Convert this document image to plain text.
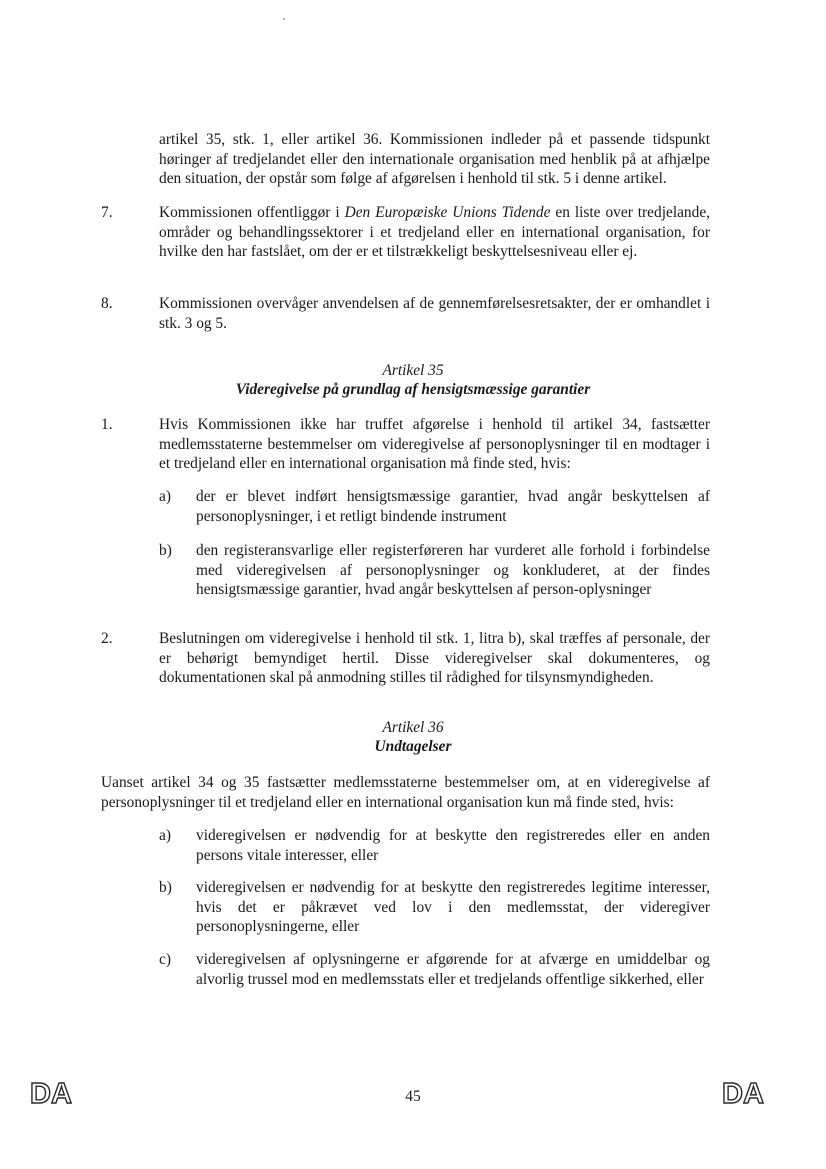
artikel 35, stk. 1, eller artikel 36. Kommissionen indleder på et passende tidspunkt høringer af tredjelandet eller den internationale organisation med henblik på at afhjælpe den situation, der opstår som følge af afgørelsen i henhold til stk. 5 i denne artikel.
7.	Kommissionen offentliggør i Den Europæiske Unions Tidende en liste over tredjelande, områder og behandlingssektorer i et tredjeland eller en international organisation, for hvilke den har fastslået, om der er et tilstrækkeligt beskyttelsesniveau eller ej.
8.	Kommissionen overvåger anvendelsen af de gennemførelsesretsakter, der er omhandlet i stk. 3 og 5.
Artikel 35
Videregivelse på grundlag af hensigtsmæssige garantier
1.	Hvis Kommissionen ikke har truffet afgørelse i henhold til artikel 34, fastsætter medlemsstaterne bestemmelser om videregivelse af personoplysninger til en modtager i et tredjeland eller en international organisation må finde sted, hvis:
a) der er blevet indført hensigtsmæssige garantier, hvad angår beskyttelsen af personoplysninger, i et retligt bindende instrument
b) den registeransvarlige eller registerføreren har vurderet alle forhold i forbindelse med videregivelsen af personoplysninger og konkluderet, at der findes hensigtsmæssige garantier, hvad angår beskyttelsen af person-oplysninger
2.	Beslutningen om videregivelse i henhold til stk. 1, litra b), skal træffes af personale, der er behørigt bemyndiget hertil. Disse videregivelser skal dokumenteres, og dokumentationen skal på anmodning stilles til rådighed for tilsynsmyndigheden.
Artikel 36
Undtagelser
Uanset artikel 34 og 35 fastsætter medlemsstaterne bestemmelser om, at en videregivelse af personoplysninger til et tredjeland eller en international organisation kun må finde sted, hvis:
a) videregivelsen er nødvendig for at beskytte den registreredes eller en anden persons vitale interesser, eller
b) videregivelsen er nødvendig for at beskytte den registreredes legitime interesser, hvis det er påkrævet ved lov i den medlemsstat, der videregiver personoplysningerne, eller
c) videregivelsen af oplysningerne er afgørende for at afværge en umiddelbar og alvorlig trussel mod en medlemsstats eller et tredjelands offentlige sikkerhed, eller
DA	45	DA
